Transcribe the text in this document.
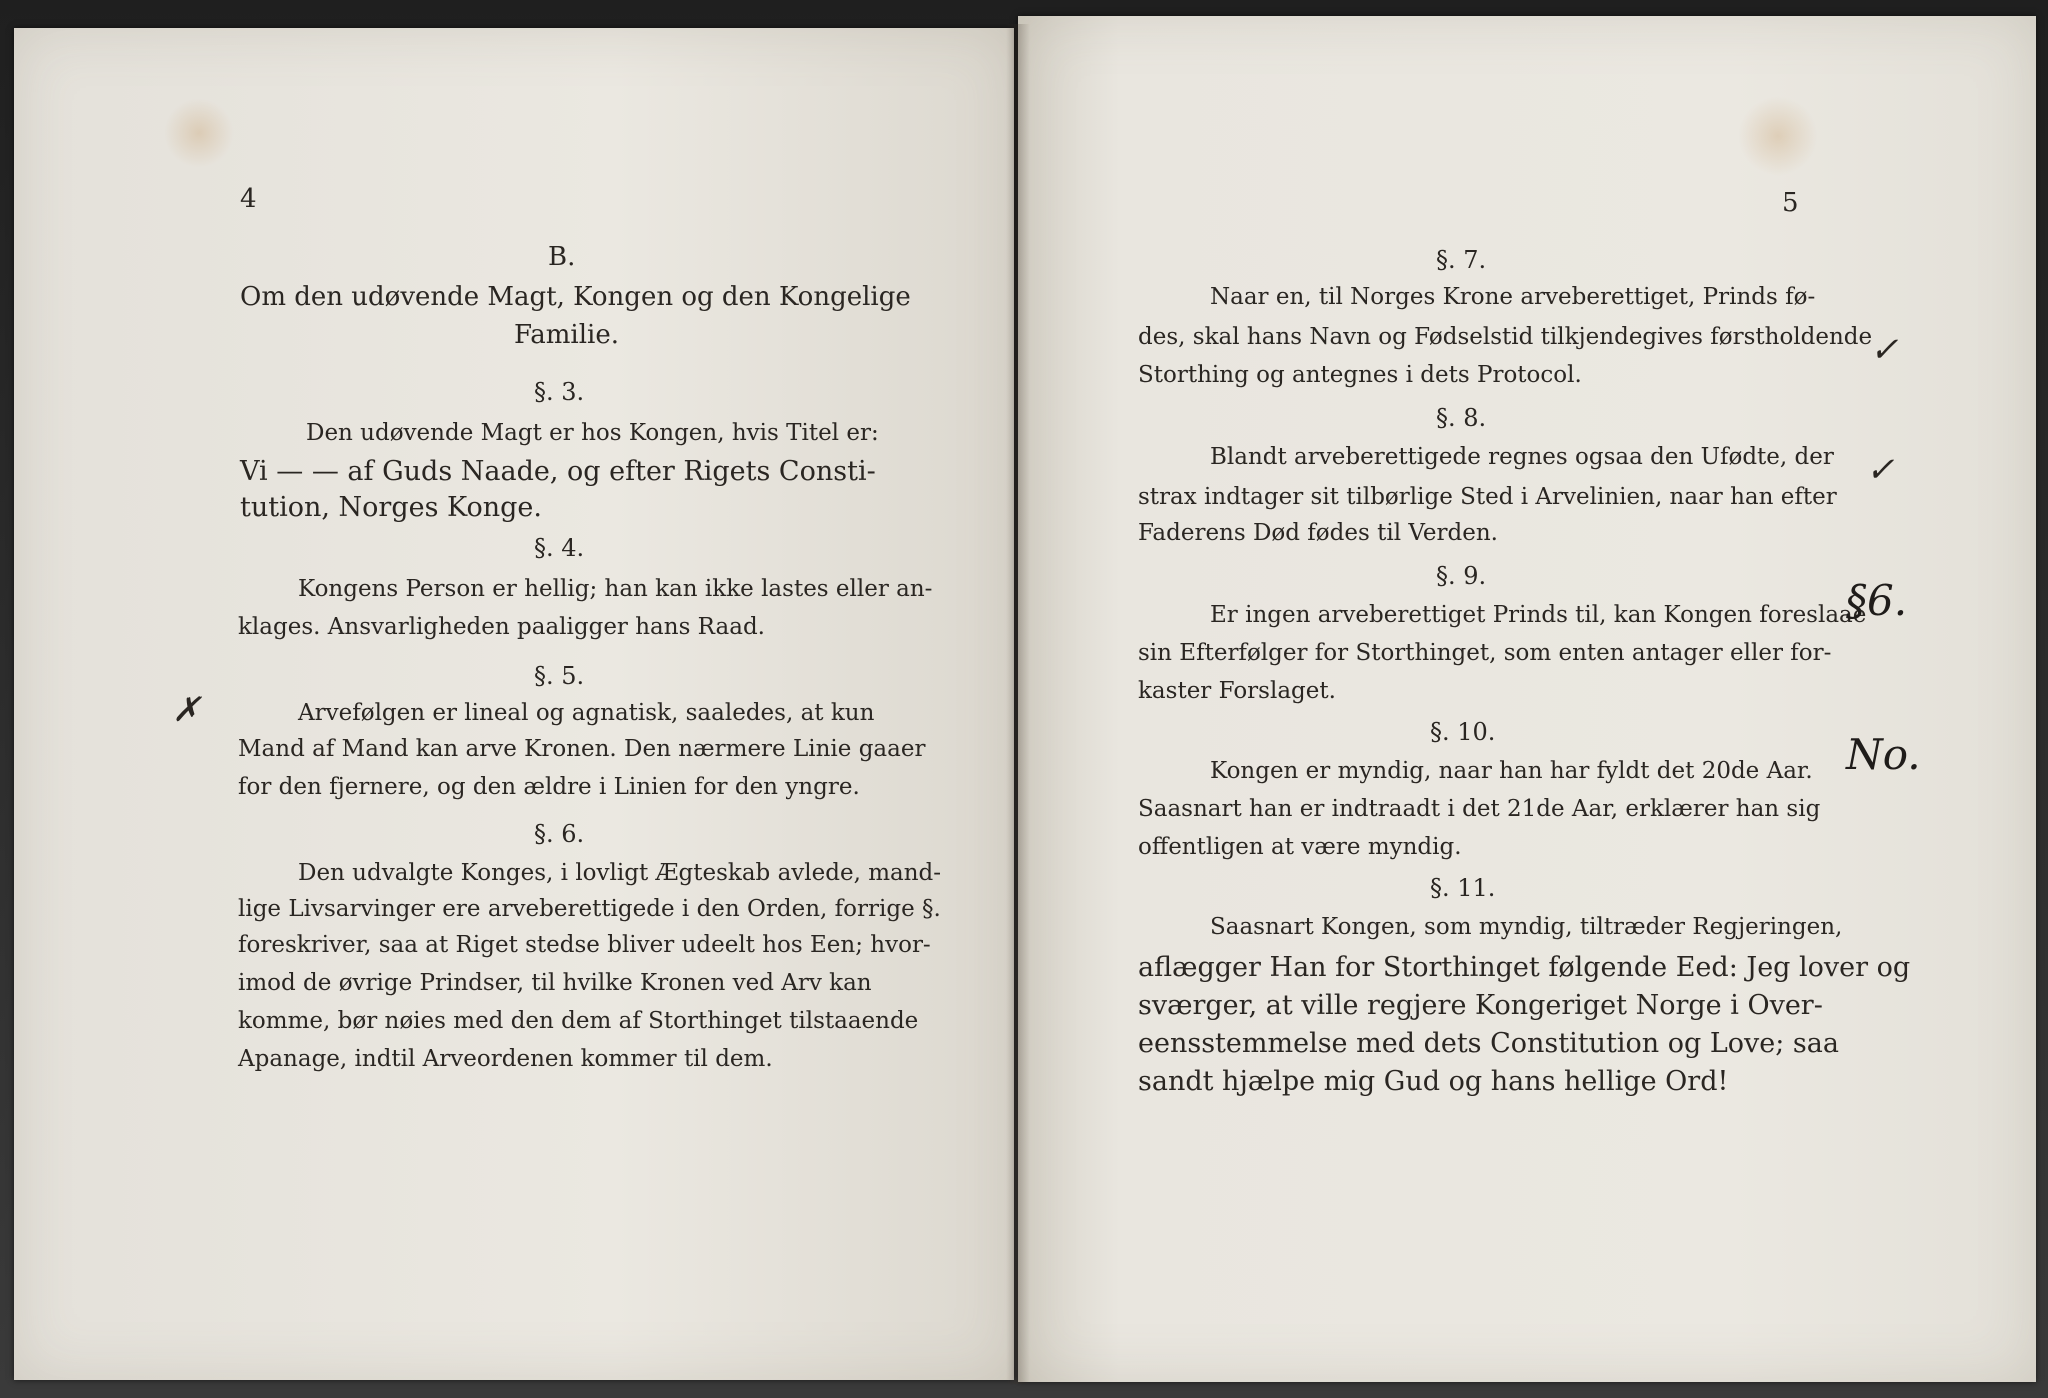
4
B.
Om den udøvende Magt, Kongen og den Kongelige
Familie.
§. 3.
Den udøvende Magt er hos Kongen, hvis Titel er:
Vi — — af Guds Naade, og efter Rigets Consti-
tution, Norges Konge.
§. 4.
Kongens Person er hellig; han kan ikke lastes eller an-
klages. Ansvarligheden paaligger hans Raad.
§. 5.
Arvefølgen er lineal og agnatisk, saaledes, at kun
Mand af Mand kan arve Kronen. Den nærmere Linie gaaer
for den fjernere, og den ældre i Linien for den yngre.
§. 6.
Den udvalgte Konges, i lovligt Ægteskab avlede, mand-
lige Livsarvinger ere arveberettigede i den Orden, forrige §.
foreskriver, saa at Riget stedse bliver udeelt hos Een; hvor-
imod de øvrige Prindser, til hvilke Kronen ved Arv kan
komme, bør nøies med den dem af Storthinget tilstaaende
Apanage, indtil Arveordenen kommer til dem.
✗
5
§. 7.
Naar en, til Norges Krone arveberettiget, Prinds fø-
des, skal hans Navn og Fødselstid tilkjendegives førstholdende
Storthing og antegnes i dets Protocol.
§. 8.
Blandt arveberettigede regnes ogsaa den Ufødte, der
strax indtager sit tilbørlige Sted i Arvelinien, naar han efter
Faderens Død fødes til Verden.
§. 9.
Er ingen arveberettiget Prinds til, kan Kongen foreslaae
sin Efterfølger for Storthinget, som enten antager eller for-
kaster Forslaget.
§. 10.
Kongen er myndig, naar han har fyldt det 20de Aar.
Saasnart han er indtraadt i det 21de Aar, erklærer han sig
offentligen at være myndig.
§. 11.
Saasnart Kongen, som myndig, tiltræder Regjeringen,
aflægger Han for Storthinget følgende Eed: Jeg lover og
sværger, at ville regjere Kongeriget Norge i Over-
eensstemmelse med dets Constitution og Love; saa
sandt hjælpe mig Gud og hans hellige Ord!
✓
✓
§6.
No.
